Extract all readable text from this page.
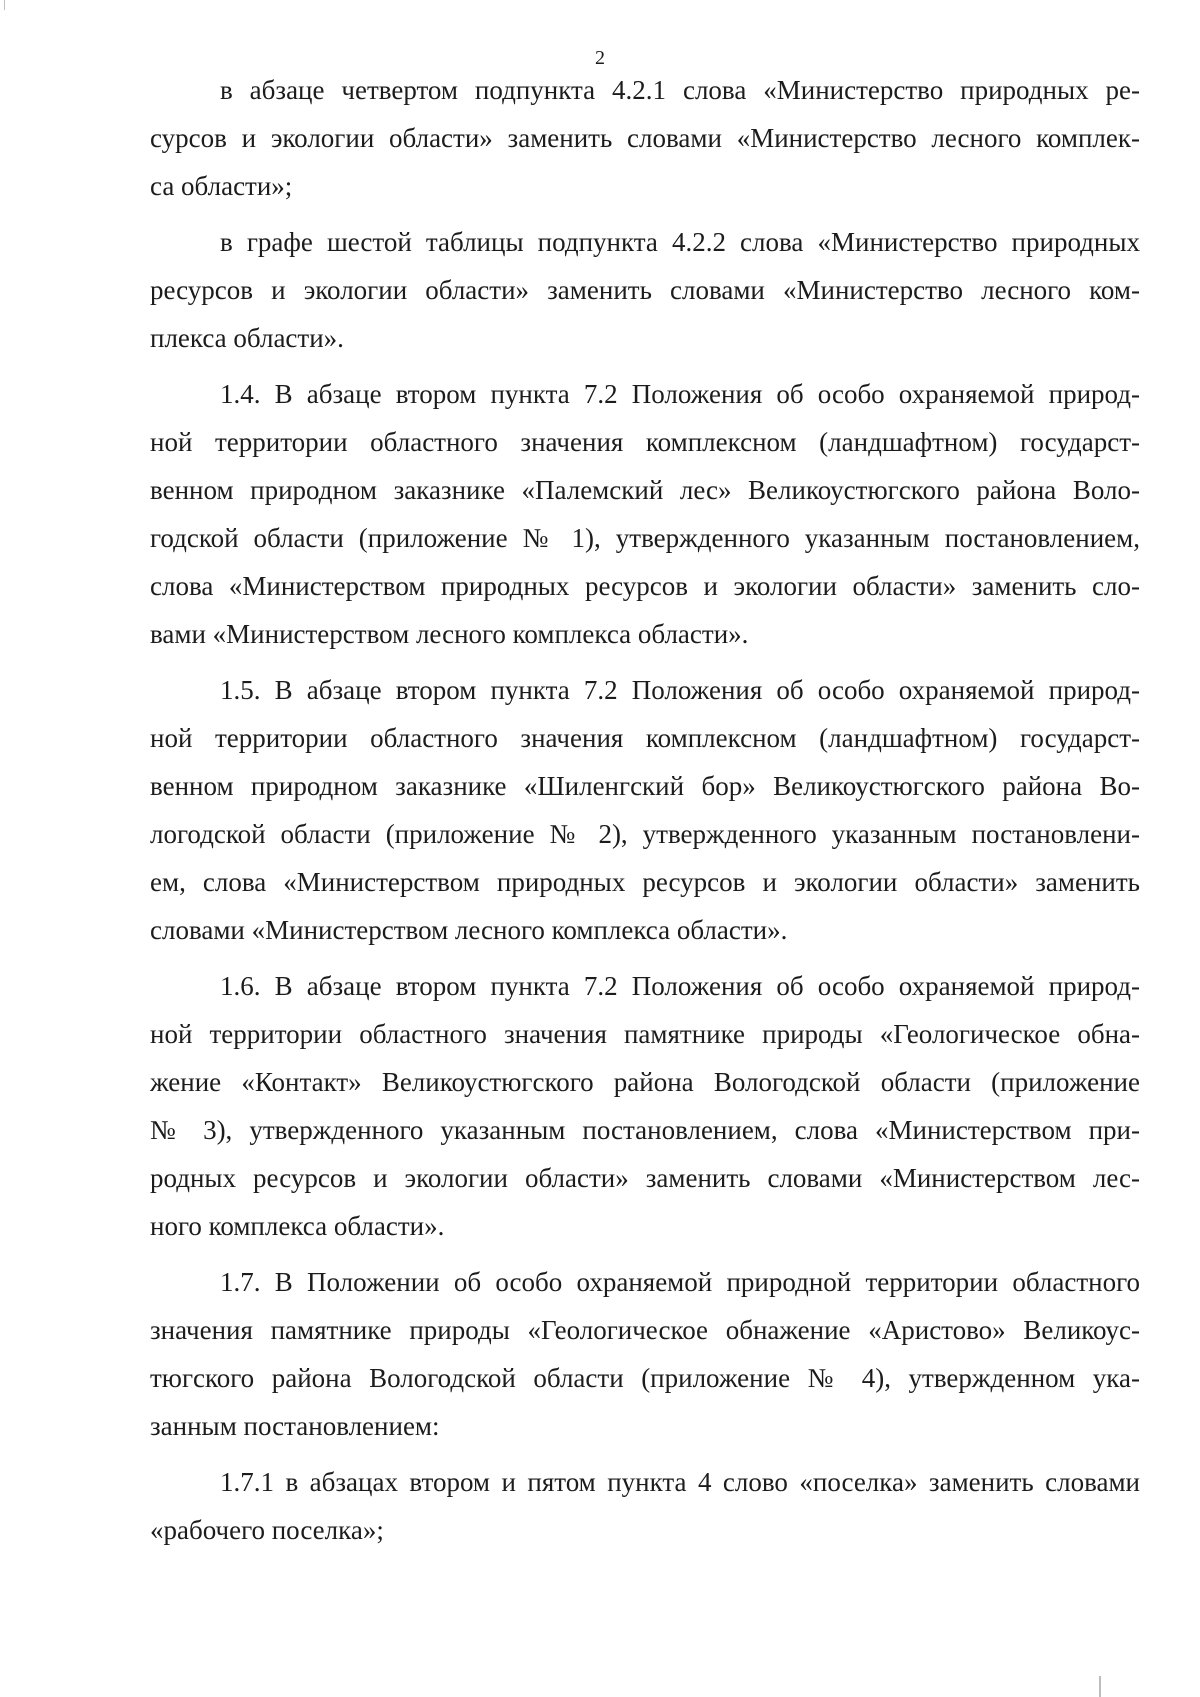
2
в абзаце четвертом подпункта 4.2.1 слова «Министерство природных ре-
сурсов и экологии области» заменить словами «Министерство лесного комплек-
са области»;
в графе шестой таблицы подпункта 4.2.2 слова «Министерство природных
ресурсов и экологии области» заменить словами «Министерство лесного ком-
плекса области».
1.4. В абзаце втором пункта 7.2 Положения об особо охраняемой природ-
ной территории областного значения комплексном (ландшафтном) государст-
венном природном заказнике «Палемский лес» Великоустюгского района Воло-
годской области (приложение № 1), утвержденного указанным постановлением,
слова «Министерством природных ресурсов и экологии области» заменить сло-
вами «Министерством лесного комплекса области».
1.5. В абзаце втором пункта 7.2 Положения об особо охраняемой природ-
ной территории областного значения комплексном (ландшафтном) государст-
венном природном заказнике «Шиленгский бор» Великоустюгского района Во-
логодской области (приложение № 2), утвержденного указанным постановлени-
ем, слова «Министерством природных ресурсов и экологии области» заменить
словами «Министерством лесного комплекса области».
1.6. В абзаце втором пункта 7.2 Положения об особо охраняемой природ-
ной территории областного значения памятнике природы «Геологическое обна-
жение «Контакт» Великоустюгского района Вологодской области (приложение
№ 3), утвержденного указанным постановлением, слова «Министерством при-
родных ресурсов и экологии области» заменить словами «Министерством лес-
ного комплекса области».
1.7. В Положении об особо охраняемой природной территории областного
значения памятнике природы «Геологическое обнажение «Аристово» Великоус-
тюгского района Вологодской области (приложение № 4), утвержденном ука-
занным постановлением:
1.7.1 в абзацах втором и пятом пункта 4 слово «поселка» заменить словами
«рабочего поселка»;
